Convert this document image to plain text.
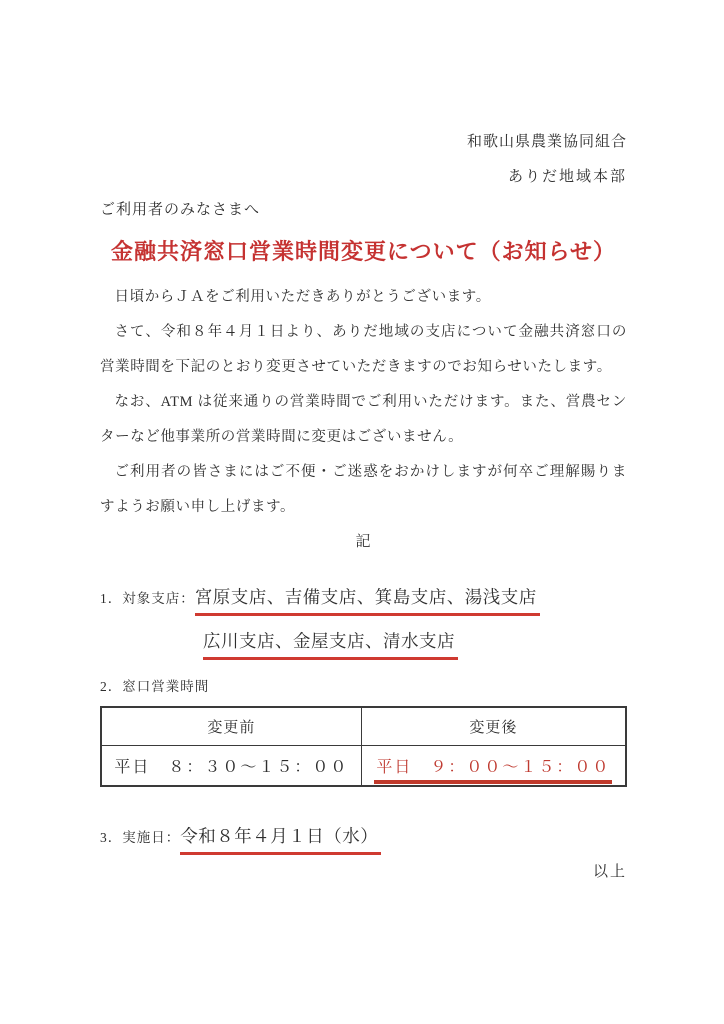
和歌山県農業協同組合
ありだ地域本部
ご利用者のみなさまへ
金融共済窓口営業時間変更について（お知らせ）

日頃からＪＡをご利用いただきありがとうございます。

さて、令和８年４月１日より、ありだ地域の支店について金融共済窓口の営業時間を下記のとおり変更させていただきますのでお知らせいたします。

なお、ATM は従来通りの営業時間でご利用いただけます。また、営農センターなど他事業所の営業時間に変更はございません。

ご利用者の皆さまにはご不便・ご迷惑をおかけしますが何卒ご理解賜りますようお願い申し上げます。

記
1．対象支店：宮原支店、吉備支店、箕島支店、湯浅支店
広川支店、金屋支店、清水支店
2．窓口営業時間
変更前	変更後
平日　８：３０～１５：００	平日　９：００～１５：００
3．実施日：令和８年４月１日（水）
以上
